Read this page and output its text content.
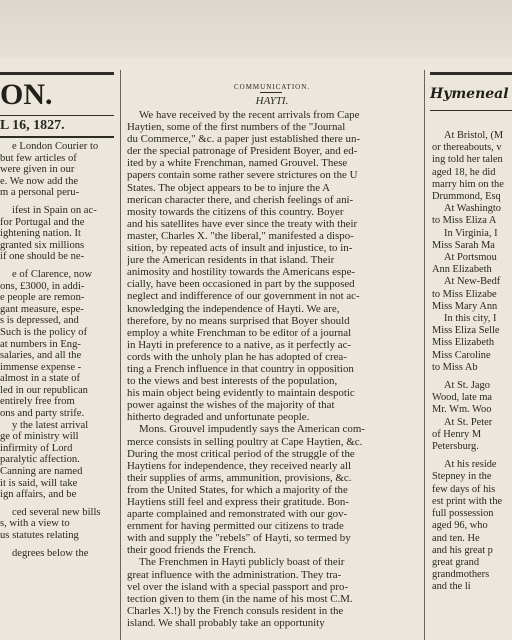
ON.
L 16, 1827.
e London Courier to
but few articles of
were given in our
e. We now add the
m a personal peru-
ifest in Spain on ac-
for Portugal and the
ightening nation. It
granted six millions
if one should be ne-
e of Clarence, now
ons, £3000, in addi-
e people are remon-
gant measure, espe-
s is depressed, and
Such is the policy of
at numbers in Eng-
salaries, and all the
immense expense -
almost in a state of
led in our republican
entirely free from
ons and party strife.
y the latest arrival
ge of ministry will
infirmity of Lord
paralytic affection.
Canning are named
it is said, will take
ign affairs, and be
ced several new bills
s, with a view to
us statutes relating
degrees below the
COMMUNICATION.
HAYTI.
We have received by the recent arrivals from Cape
Haytien, some of the first numbers of the "Journal
du Commerce," &c. a paper just established there un-
der the special patronage of President Boyer, and ed-
ited by a white Frenchman, named Grouvel. These
papers contain some rather severe strictures on the U
States. The object appears to be to injure the A
merican character there, and cherish feelings of ani-
mosity towards the citizens of this country. Boyer
and his satellites have ever since the treaty with their
master, Charles X. "the liberal," manifested a dispo-
sition, by repeated acts of insult and injustice, to in-
jure the American residents in that island. Their
animosity and hostility towards the Americans espe-
cially, have been occasioned in part by the supposed
neglect and indifference of our government in not ac-
knowledging the independence of Hayti. We are,
therefore, by no means surprised that Boyer should
employ a white Frenchman to be editor of a journal
in Hayti in preference to a native, as it perfectly ac-
cords with the unholy plan he has adopted of crea-
ting a French influence in that country in opposition
to the views and best interests of the population,
his main object being evidently to maintain despotic
power against the wishes of the majority of that
hitherto degraded and unfortunate people.
Mons. Grouvel impudently says the American com-
merce consists in selling poultry at Cape Haytien, &c.
During the most critical period of the struggle of the
Haytiens for independence, they received nearly all
their supplies of arms, ammunition, provisions, &c.
from the United States, for which a majority of the
Haytiens still feel and express their gratitude. Bon-
aparte complained and remonstrated with our gov-
ernment for having permitted our citizens to trade
with and supply the "rebels" of Hayti, so termed by
their good friends the French.
The Frenchmen in Hayti publicly boast of their
great influence with the administration. They tra-
vel over the island with a special passport and pro-
tection given to them (in the name of his most C.M.
Charles X.!) by the French consuls resident in the
island. We shall probably take an opportunity
Hymeneal
At Bristol, (M
or thereabouts, v
ing told her talen
aged 18, he did
marry him on the
Drummond, Esq
At Washingto
to Miss Eliza A
In Virginia, I
Miss Sarah Ma
At Portsmou
Ann Elizabeth
At New-Bedf
to Miss Elizabe
Miss Mary Ann
In this city, I
Miss Eliza Selle
Miss Elizabeth
Miss Caroline
to Miss Ab
At St. Jago
Wood, late ma
Mr. Wm. Woo
At St. Peter
of Henry M
Petersburg.
At his reside
Stepney in the
few days of his
est print with the
full possession
aged 96, who
and ten. He
and his great p
great grand
grandmothers
and the li
